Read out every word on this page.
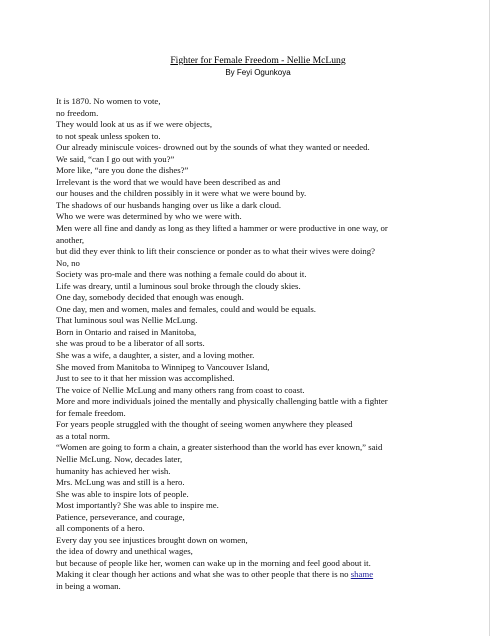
Fighter for Female Freedom - Nellie McLung
By Feyi Ogunkoya
It is 1870. No women to vote,
no freedom.
They would look at us as if we were objects,
to not speak unless spoken to.
Our already miniscule voices- drowned out by the sounds of what they wanted or needed.
We said, “can I go out with you?”
More like, “are you done the dishes?”
Irrelevant is the word that we would have been described as and
our houses and the children possibly in it were what we were bound by.
The shadows of our husbands hanging over us like a dark cloud.
Who we were was determined by who we were with.
Men were all fine and dandy as long as they lifted a hammer or were productive in one way, or
another,
but did they ever think to lift their conscience or ponder as to what their wives were doing?
No, no
Society was pro-male and there was nothing a female could do about it.
Life was dreary, until a luminous soul broke through the cloudy skies.
One day, somebody decided that enough was enough.
One day, men and women, males and females, could and would be equals.
That luminous soul was Nellie McLung.
Born in Ontario and raised in Manitoba,
she was proud to be a liberator of all sorts.
She was a wife, a daughter, a sister, and a loving mother.
She moved from Manitoba to Winnipeg to Vancouver Island,
Just to see to it that her mission was accomplished.
The voice of Nellie McLung and many others rang from coast to coast.
More and more individuals joined the mentally and physically challenging battle with a fighter
for female freedom.
For years people struggled with the thought of seeing women anywhere they pleased
as a total norm.
“Women are going to form a chain, a greater sisterhood than the world has ever known,” said
Nellie McLung. Now, decades later,
humanity has achieved her wish.
Mrs. McLung was and still is a hero.
She was able to inspire lots of people.
Most importantly? She was able to inspire me.
Patience, perseverance, and courage,
all components of a hero.
Every day you see injustices brought down on women,
the idea of dowry and unethical wages,
but because of people like her, women can wake up in the morning and feel good about it.
Making it clear though her actions and what she was to other people that there is no shame
in being a woman.
